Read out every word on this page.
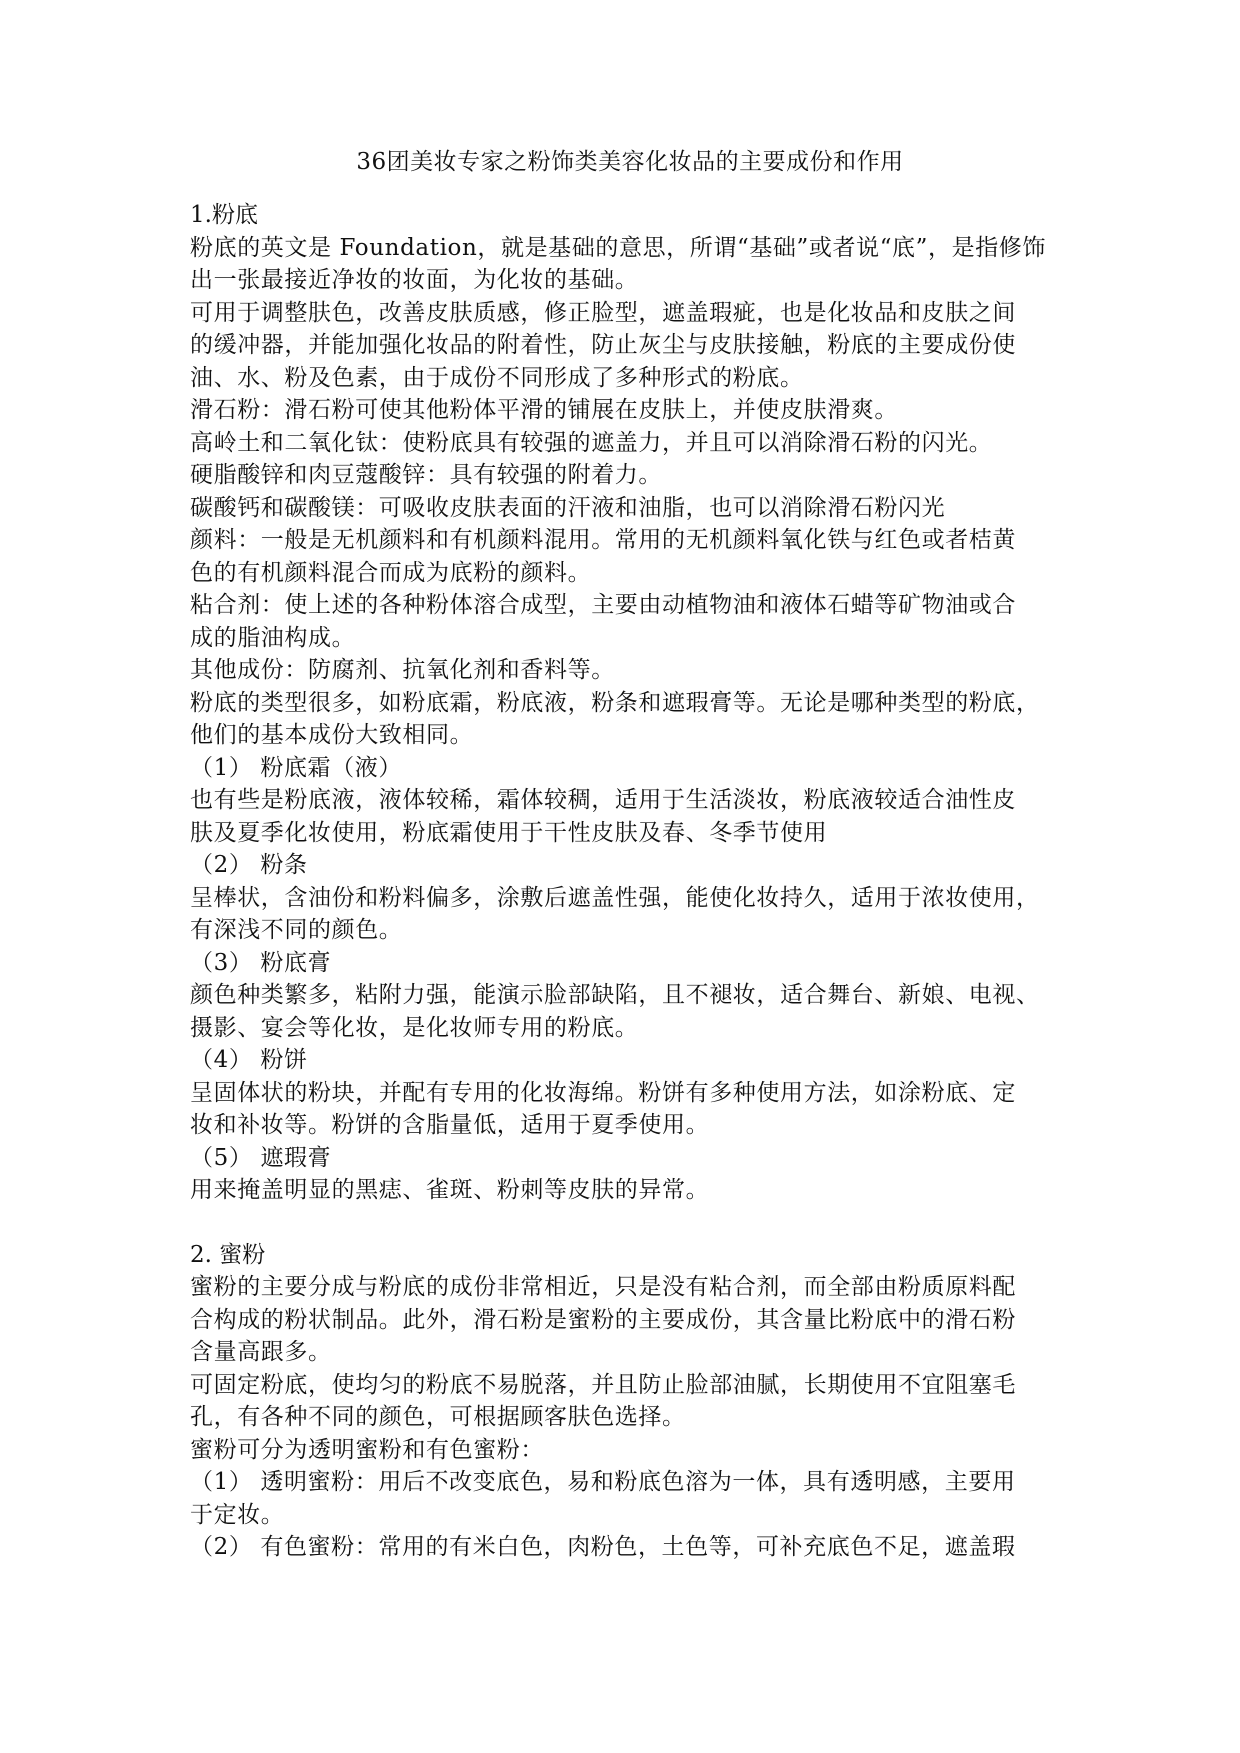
36团美妆专家之粉饰类美容化妆品的主要成份和作用
1.粉底
粉底的英文是 Foundation，就是基础的意思，所谓“基础”或者说“底”，是指修饰
出一张最接近净妆的妆面，为化妆的基础。
可用于调整肤色，改善皮肤质感，修正脸型，遮盖瑕疵，也是化妆品和皮肤之间
的缓冲器，并能加强化妆品的附着性，防止灰尘与皮肤接触，粉底的主要成份使
油、水、粉及色素，由于成份不同形成了多种形式的粉底。
滑石粉：滑石粉可使其他粉体平滑的铺展在皮肤上，并使皮肤滑爽。
高岭土和二氧化钛：使粉底具有较强的遮盖力，并且可以消除滑石粉的闪光。
硬脂酸锌和肉豆蔻酸锌：具有较强的附着力。
碳酸钙和碳酸镁：可吸收皮肤表面的汗液和油脂，也可以消除滑石粉闪光
颜料：一般是无机颜料和有机颜料混用。常用的无机颜料氧化铁与红色或者桔黄
色的有机颜料混合而成为底粉的颜料。
粘合剂：使上述的各种粉体溶合成型，主要由动植物油和液体石蜡等矿物油或合
成的脂油构成。
其他成份：防腐剂、抗氧化剂和香料等。
粉底的类型很多，如粉底霜，粉底液，粉条和遮瑕膏等。无论是哪种类型的粉底，
他们的基本成份大致相同。
（1） 粉底霜（液）
也有些是粉底液，液体较稀，霜体较稠，适用于生活淡妆，粉底液较适合油性皮
肤及夏季化妆使用，粉底霜使用于干性皮肤及春、冬季节使用
（2） 粉条
呈棒状，含油份和粉料偏多，涂敷后遮盖性强，能使化妆持久，适用于浓妆使用，
有深浅不同的颜色。
（3） 粉底膏
颜色种类繁多，粘附力强，能演示脸部缺陷，且不褪妆，适合舞台、新娘、电视、
摄影、宴会等化妆，是化妆师专用的粉底。
（4） 粉饼
呈固体状的粉块，并配有专用的化妆海绵。粉饼有多种使用方法，如涂粉底、定
妆和补妆等。粉饼的含脂量低，适用于夏季使用。
（5） 遮瑕膏
用来掩盖明显的黑痣、雀斑、粉刺等皮肤的异常。
2. 蜜粉
蜜粉的主要分成与粉底的成份非常相近，只是没有粘合剂，而全部由粉质原料配
合构成的粉状制品。此外，滑石粉是蜜粉的主要成份，其含量比粉底中的滑石粉
含量高跟多。
可固定粉底，使均匀的粉底不易脱落，并且防止脸部油腻，长期使用不宜阻塞毛
孔，有各种不同的颜色，可根据顾客肤色选择。
蜜粉可分为透明蜜粉和有色蜜粉：
（1） 透明蜜粉：用后不改变底色，易和粉底色溶为一体，具有透明感，主要用
于定妆。
（2） 有色蜜粉：常用的有米白色，肉粉色，土色等，可补充底色不足，遮盖瑕
